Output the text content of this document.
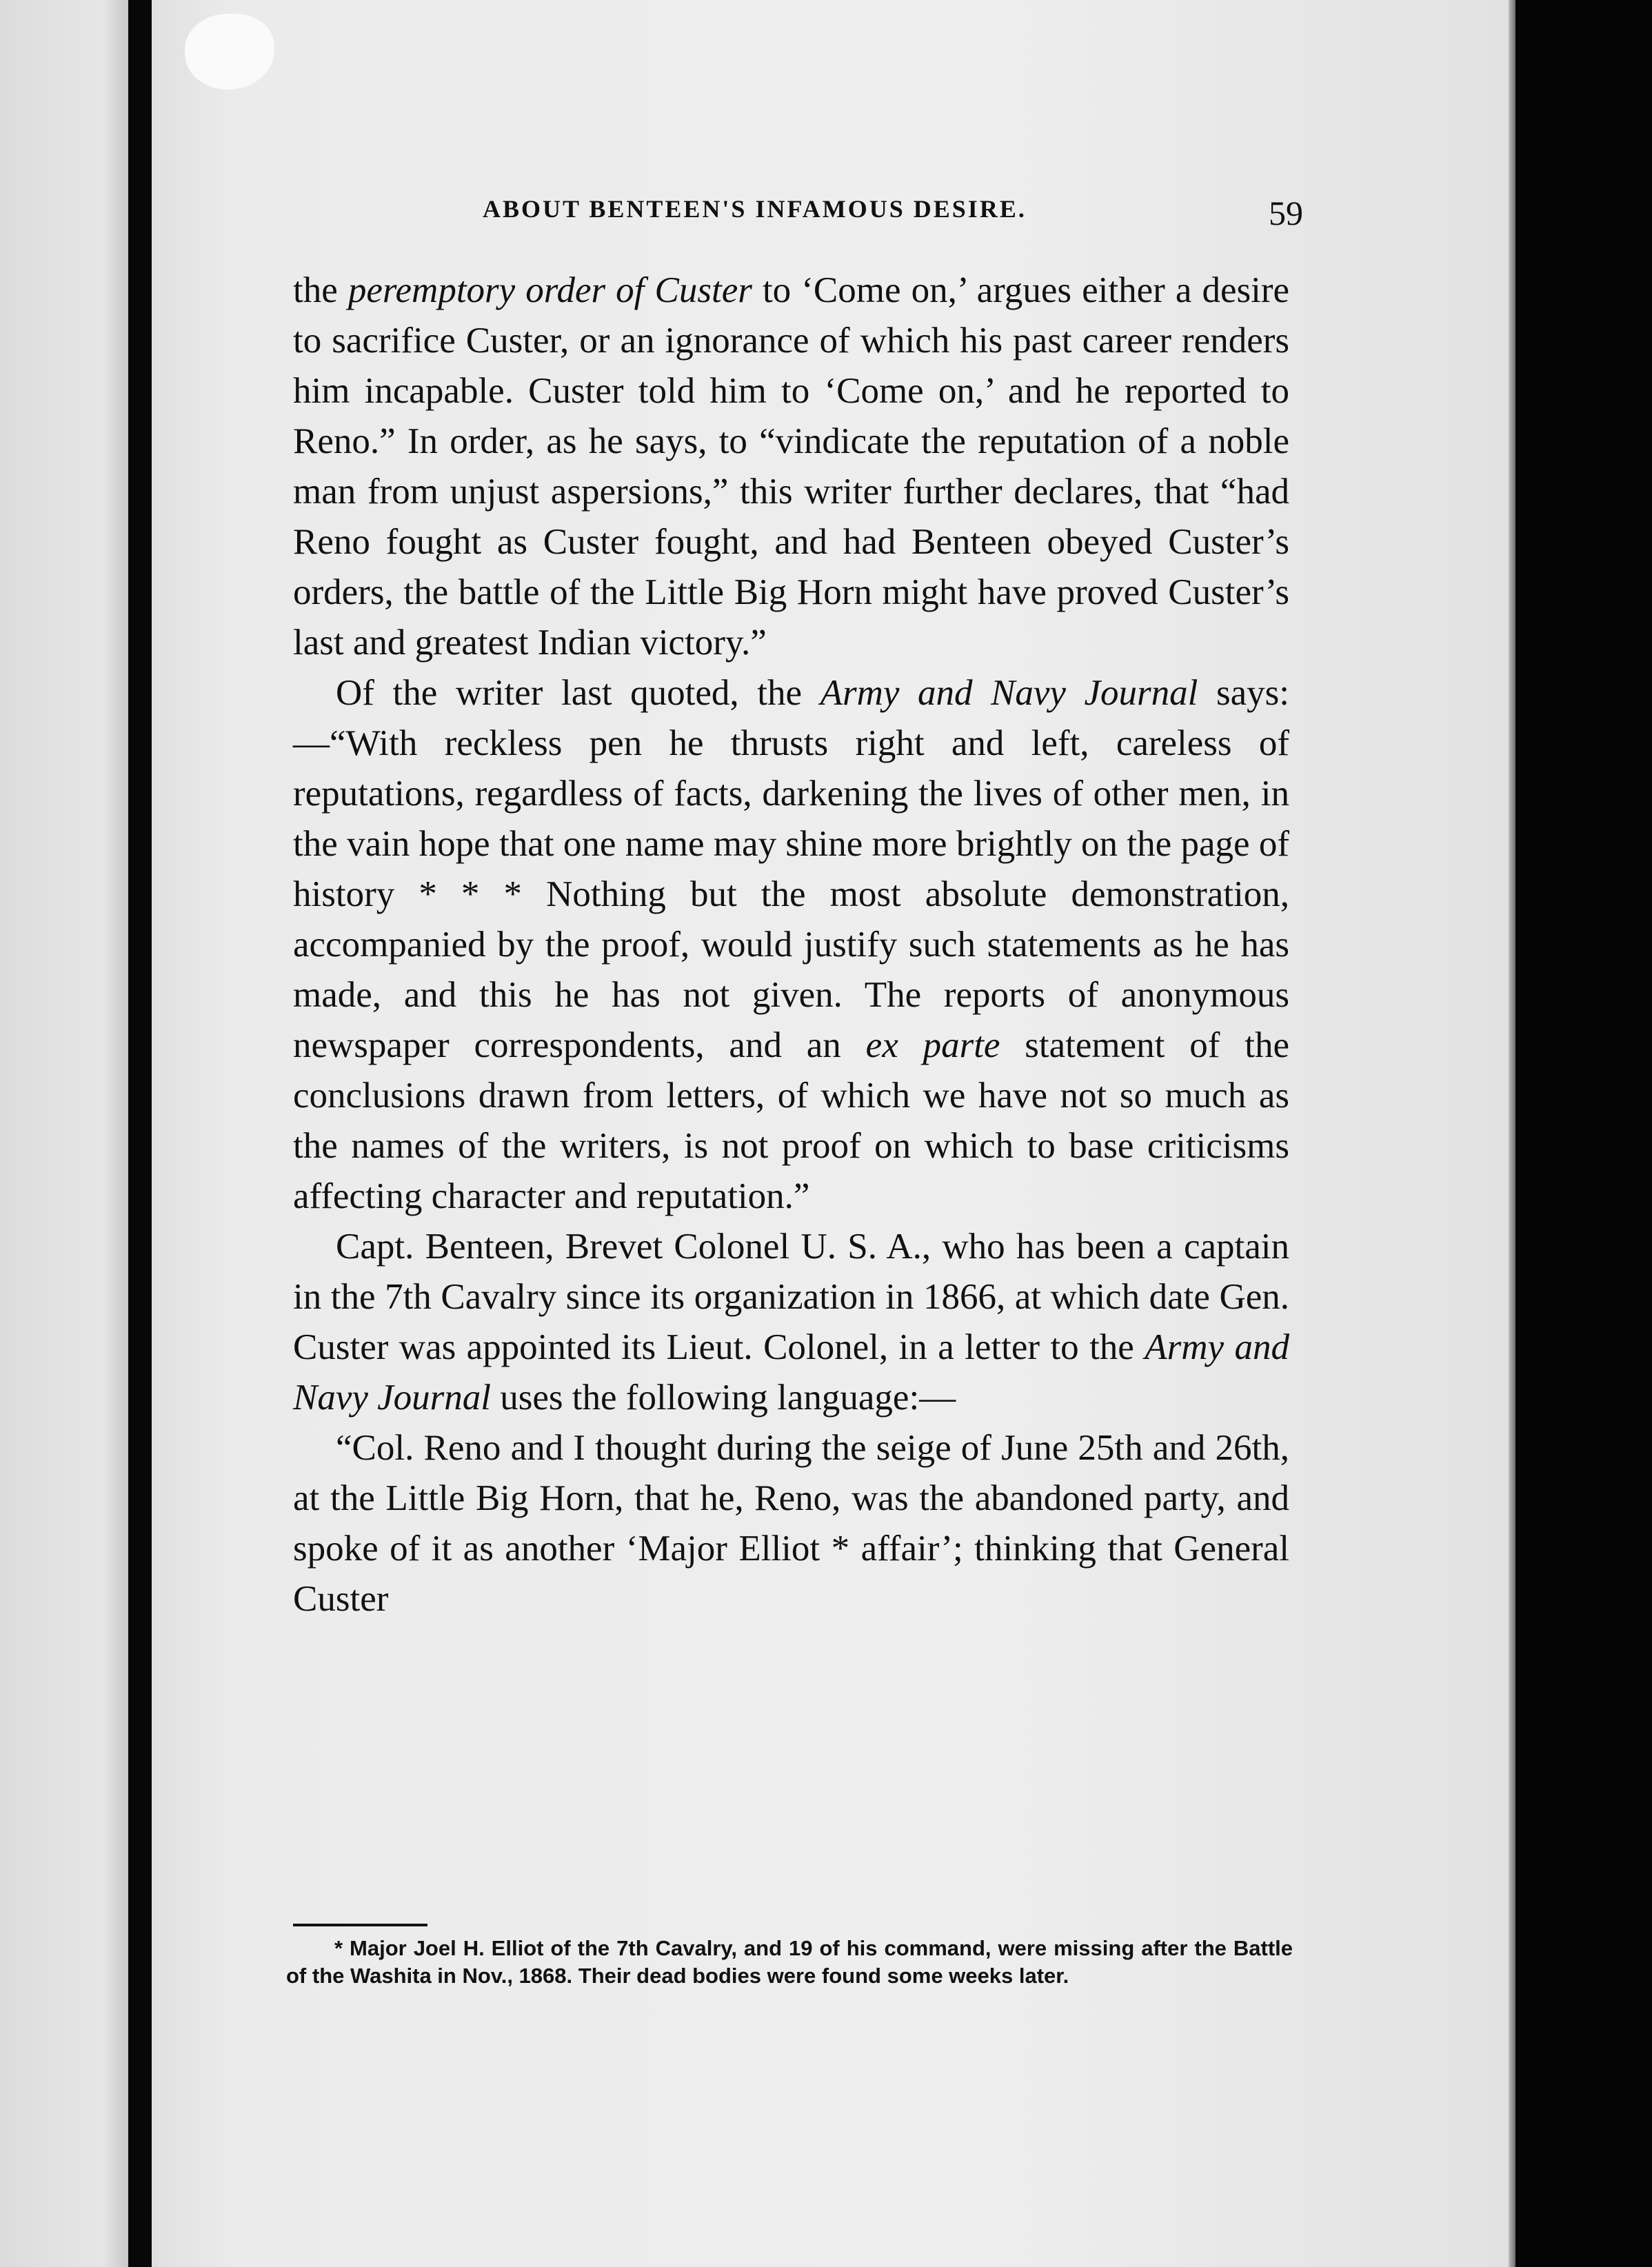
ABOUT BENTEEN'S INFAMOUS DESIRE.	59

the peremptory order of Custer to ‘Come on,’ argues either a desire to sacrifice Custer, or an ignorance of which his past career renders him incapable. Custer told him to ‘Come on,’ and he reported to Reno.” In order, as he says, to “vindicate the reputation of a noble man from unjust aspersions,” this writer further declares, that “had Reno fought as Custer fought, and had Benteen obeyed Custer’s orders, the battle of the Little Big Horn might have proved Custer’s last and greatest Indian victory.”

Of the writer last quoted, the Army and Navy Journal says:—“With reckless pen he thrusts right and left, careless of reputations, regardless of facts, darkening the lives of other men, in the vain hope that one name may shine more brightly on the page of history * * * Nothing but the most absolute demonstration, accompanied by the proof, would justify such statements as he has made, and this he has not given. The reports of anonymous newspaper correspondents, and an ex parte statement of the conclusions drawn from letters, of which we have not so much as the names of the writers, is not proof on which to base criticisms affecting character and reputation.”

Capt. Benteen, Brevet Colonel U. S. A., who has been a captain in the 7th Cavalry since its organization in 1866, at which date Gen. Custer was appointed its Lieut. Colonel, in a letter to the Army and Navy Journal uses the following language:—

“Col. Reno and I thought during the seige of June 25th and 26th, at the Little Big Horn, that he, Reno, was the abandoned party, and spoke of it as another ‘Major Elliot * affair’; thinking that General Custer

* Major Joel H. Elliot of the 7th Cavalry, and 19 of his command, were missing after the Battle of the Washita in Nov., 1868. Their dead bodies were found some weeks later.
